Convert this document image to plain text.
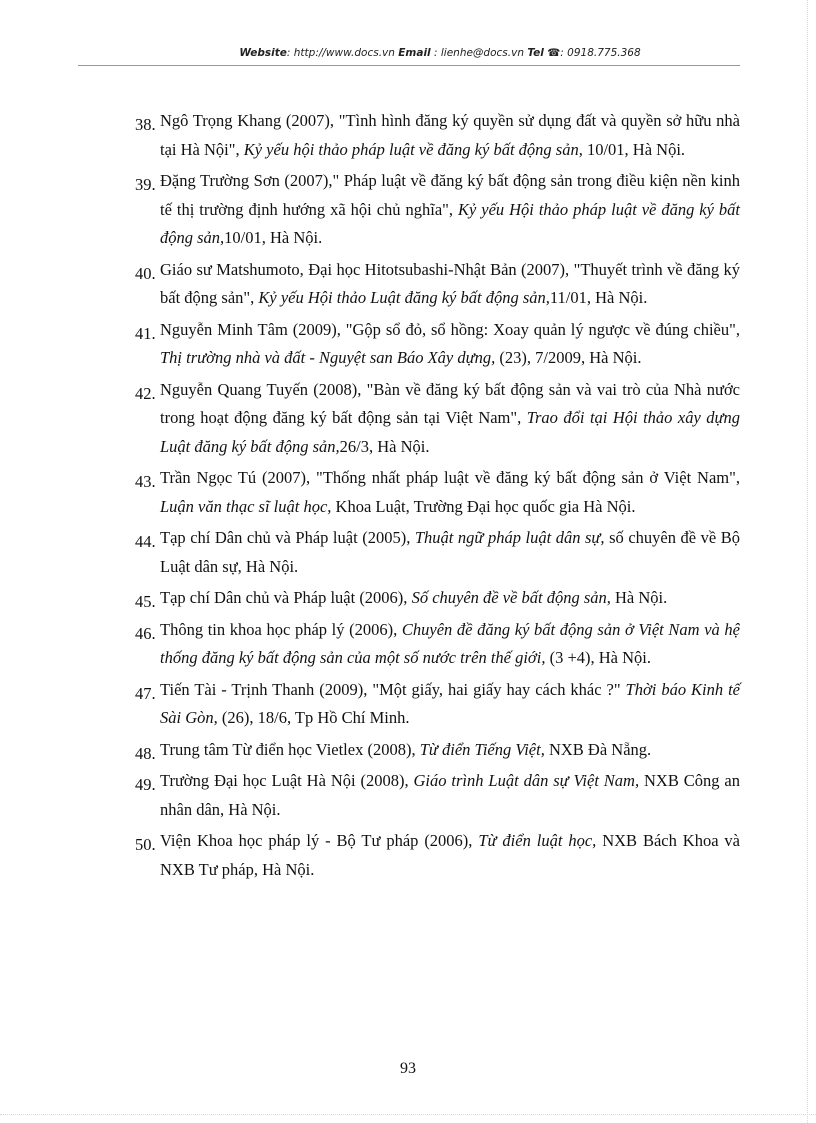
Website: http://www.docs.vn Email : lienhe@docs.vn Tel ☎: 0918.775.368
38. Ngô Trọng Khang (2007), "Tình hình đăng ký quyền sử dụng đất và quyền sở hữu nhà tại Hà Nội", Kỷ yếu hội thảo pháp luật về đăng ký bất động sản, 10/01, Hà Nội.
39. Đặng Trường Sơn (2007)," Pháp luật về đăng ký bất động sản trong điều kiện nền kinh tế thị trường định hướng xã hội chủ nghĩa", Kỷ yếu Hội thảo pháp luật về đăng ký bất động sản,10/01, Hà Nội.
40. Giáo sư Matshumoto, Đại học Hitotsubashi-Nhật Bản (2007), "Thuyết trình về đăng ký bất động sản", Kỷ yếu Hội thảo Luật đăng ký bất động sản,11/01, Hà Nội.
41. Nguyễn Minh Tâm (2009), "Gộp sổ đỏ, sổ hồng: Xoay quản lý ngược về đúng chiều", Thị trường nhà và đất - Nguyệt san Báo Xây dựng, (23), 7/2009, Hà Nội.
42. Nguyễn Quang Tuyến (2008), "Bàn về đăng ký bất động sản và vai trò của Nhà nước trong hoạt động đăng ký bất động sản tại Việt Nam", Trao đổi tại Hội thảo xây dựng Luật đăng ký bất động sản,26/3, Hà Nội.
43. Trần Ngọc Tú (2007), "Thống nhất pháp luật về đăng ký bất động sản ở Việt Nam", Luận văn thạc sĩ luật học, Khoa Luật, Trường Đại học quốc gia Hà Nội.
44. Tạp chí Dân chủ và Pháp luật (2005), Thuật ngữ pháp luật dân sự, số chuyên đề về Bộ Luật dân sự, Hà Nội.
45. Tạp chí Dân chủ và Pháp luật (2006), Số chuyên đề về bất động sản, Hà Nội.
46. Thông tin khoa học pháp lý (2006), Chuyên đề đăng ký bất động sản ở Việt Nam và hệ thống đăng ký bất động sản của một số nước trên thế giới, (3 +4), Hà Nội.
47. Tiến Tài - Trịnh Thanh (2009), "Một giấy, hai giấy hay cách khác ?" Thời báo Kinh tế Sài Gòn, (26), 18/6, Tp Hồ Chí Minh.
48. Trung tâm Từ điển học Vietlex (2008), Từ điển Tiếng Việt, NXB Đà Nẵng.
49. Trường Đại học Luật Hà Nội (2008), Giáo trình Luật dân sự Việt Nam, NXB Công an nhân dân, Hà Nội.
50. Viện Khoa học pháp lý - Bộ Tư pháp (2006), Từ điển luật học, NXB Bách Khoa và NXB Tư pháp, Hà Nội.
93
